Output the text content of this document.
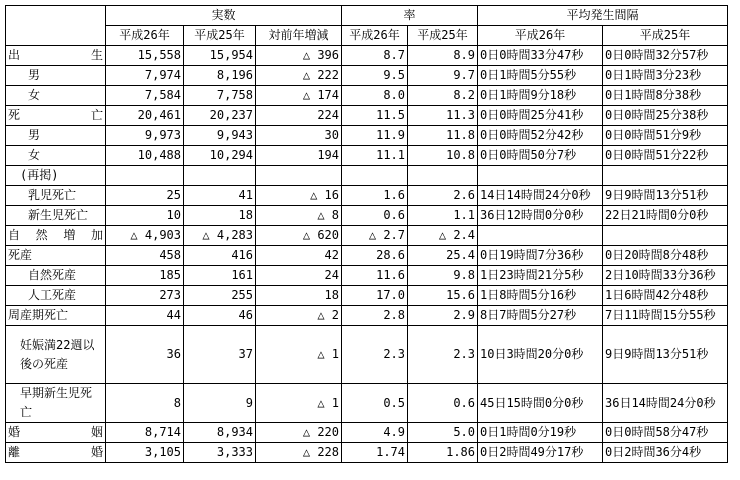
	実数			率		平均発生間隔	
	平成26年	平成25年	対前年増減	平成26年	平成25年	平成26年	平成25年
出　　生	15,558	15,954	△ 396	8.7	8.9	0日0時間33分47秒	0日0時間32分57秒
男	7,974	8,196	△ 222	9.5	9.7	0日1時間5分55秒	0日1時間3分23秒
女	7,584	7,758	△ 174	8.0	8.2	0日1時間9分18秒	0日1時間8分38秒
死　　亡	20,461	20,237	224	11.5	11.3	0日0時間25分41秒	0日0時間25分38秒
男	9,973	9,943	30	11.9	11.8	0日0時間52分42秒	0日0時間51分9秒
女	10,488	10,294	194	11.1	10.8	0日0時間50分7秒	0日0時間51分22秒
(再掲)							
乳児死亡	25	41	△ 16	1.6	2.6	14日14時間24分0秒	9日9時間13分51秒
新生児死亡	10	18	△ 8	0.6	1.1	36日12時間0分0秒	22日21時間0分0秒
自然増加	△ 4,903	△ 4,283	△ 620	△ 2.7	△ 2.4		
死産	458	416	42	28.6	25.4	0日19時間7分36秒	0日20時間8分48秒
自然死産	185	161	24	11.6	9.8	1日23時間21分5秒	2日10時間33分36秒
人工死産	273	255	18	17.0	15.6	1日8時間5分16秒	1日6時間42分48秒
周産期死亡	44	46	△ 2	2.8	2.9	8日7時間5分27秒	7日11時間15分55秒
妊娠満22週以後の死産	36	37	△ 1	2.3	2.3	10日3時間20分0秒	9日9時間13分51秒
早期新生児死亡	8	9	△ 1	0.5	0.6	45日15時間0分0秒	36日14時間24分0秒
婚姻	8,714	8,934	△ 220	4.9	5.0	0日1時間0分19秒	0日0時間58分47秒
離婚	3,105	3,333	△ 228	1.74	1.86	0日2時間49分17秒	0日2時間36分4秒
